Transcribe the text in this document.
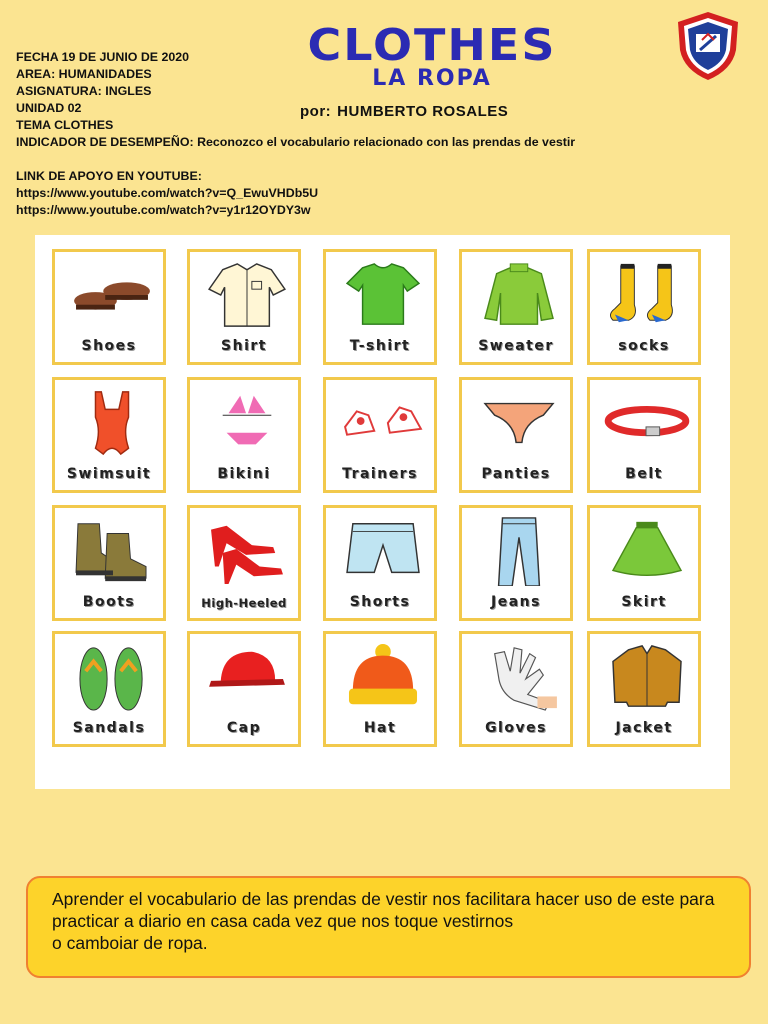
FECHA 19 DE JUNIO DE 2020
AREA: HUMANIDADES
ASIGNATURA: INGLES
UNIDAD 02
TEMA CLOTHES
INDICADOR DE DESEMPEÑO: Reconozco el vocabulario relacionado con las prendas de vestir
LINK DE APOYO EN YOUTUBE:
https://www.youtube.com/watch?v=Q_EwuVHDb5U
https://www.youtube.com/watch?v=y1r12OYDY3w
CLOTHES
LA ROPA
por: HUMBERTO ROSALES
Shoes	Shirt	T-shirt	Sweater	socks
Swimsuit	Bikini	Trainers	Panties	Belt
Boots	High-Heeled	Shorts	Jeans	Skirt
Sandals	Cap	Hat	Gloves	Jacket
Aprender el vocabulario de las prendas de vestir nos facilitara hacer uso de este para practicar a diario en casa cada vez que nos toque vestirnos
o camboiar de ropa.
